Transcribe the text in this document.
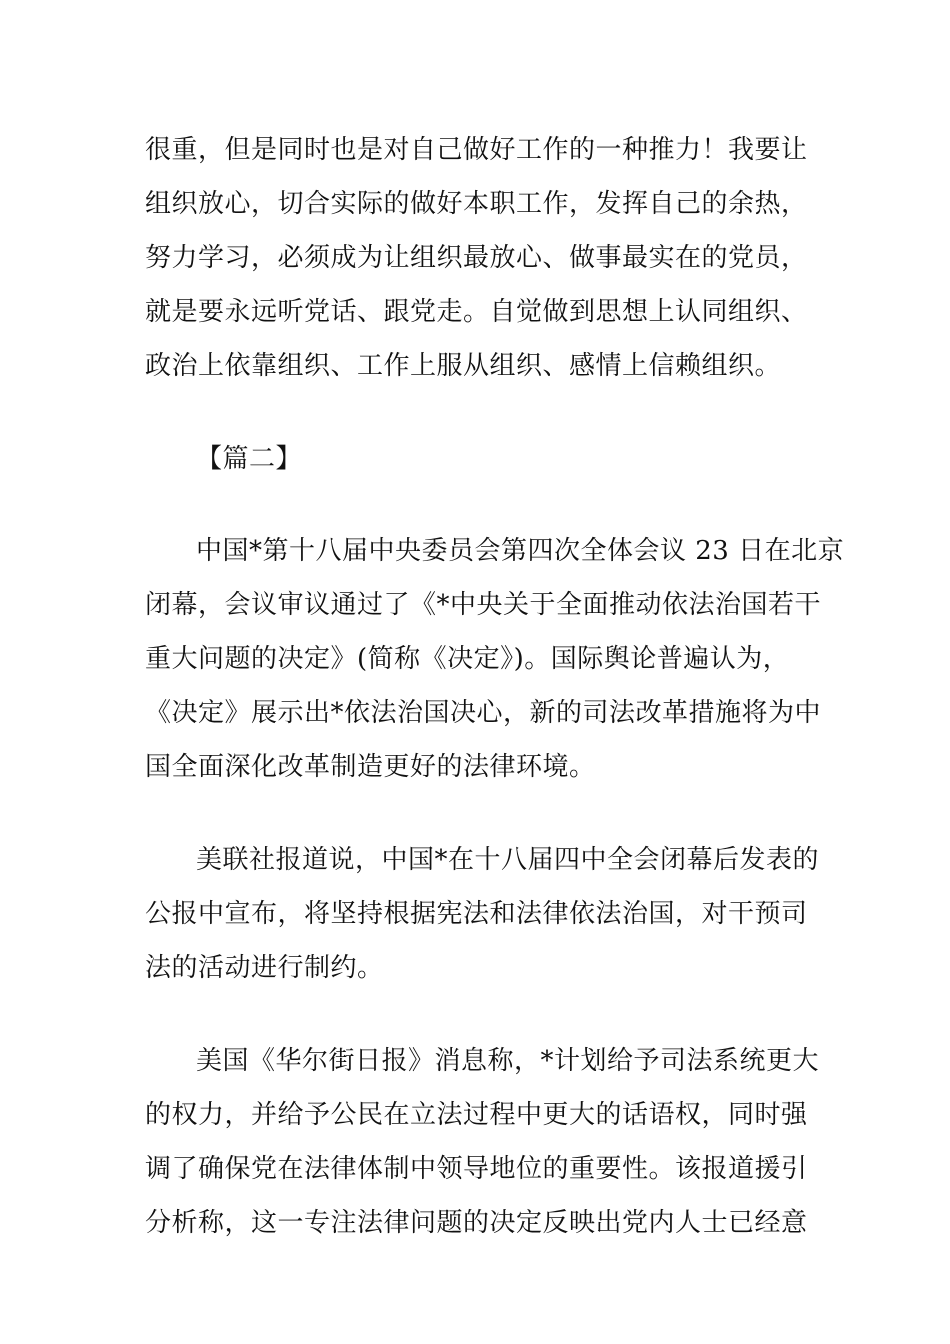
很重，但是同时也是对自己做好工作的一种推力！我要让
组织放心，切合实际的做好本职工作，发挥自己的余热，
努力学习，必须成为让组织最放心、做事最实在的党员，
就是要永远听党话、跟党走。自觉做到思想上认同组织、
政治上依靠组织、工作上服从组织、感情上信赖组织。
【篇二】
中国*第十八届中央委员会第四次全体会议 23 日在北京
闭幕，会议审议通过了《*中央关于全面推动依法治国若干
重大问题的决定》(简称《决定》)。国际舆论普遍认为，
《决定》展示出*依法治国决心，新的司法改革措施将为中
国全面深化改革制造更好的法律环境。
美联社报道说，中国*在十八届四中全会闭幕后发表的
公报中宣布，将坚持根据宪法和法律依法治国，对干预司
法的活动进行制约。
美国《华尔街日报》消息称，*计划给予司法系统更大
的权力，并给予公民在立法过程中更大的话语权，同时强
调了确保党在法律体制中领导地位的重要性。该报道援引
分析称，这一专注法律问题的决定反映出党内人士已经意
